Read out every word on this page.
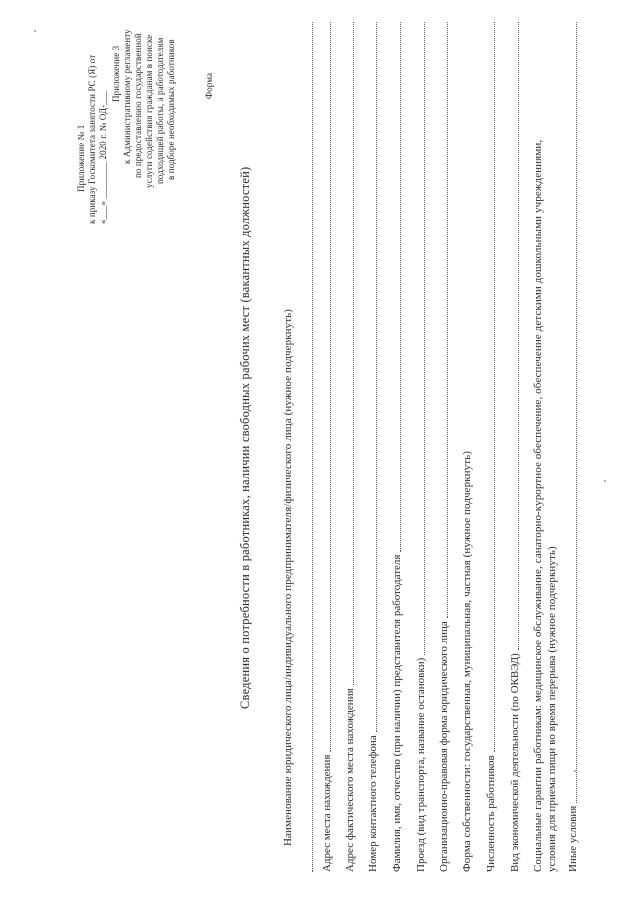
Приложение № 1 к приказу Госкомитета занятости РС (Я) от «___» ________ 2020 г. № ОД-___
Приложение 3 к Административному регламенту по предоставлению государственной услуги содействия гражданам в поиске подходящей работы, а работодателям в подборе необходимых работников	Форма
Сведения о потребности в работниках, наличии свободных рабочих мест (вакантных должностей)	Наименование юридического лица/индивидуального предпринимателя/физического лица (нужное подчеркнуть) Адрес места нахождения Адрес фактического места нахождения Номер контактного телефона Фамилия, имя, отчество (при наличии) представителя работодателя Проезд (вид транспорта, название остановки) Организационно-правовая форма юридического лица Форма собственности: государственная, муниципальная, частная (нужное подчеркнуть) Численность работников Вид экономической деятельности (по ОКВЭД) Социальные гарантии работникам: медицинское обслуживание, санаторно-курортное обеспечение, обеспечение детскими дошкольными учреждениями, условия для приема пищи во время перерыва (нужное подчеркнуть) Иные условия
